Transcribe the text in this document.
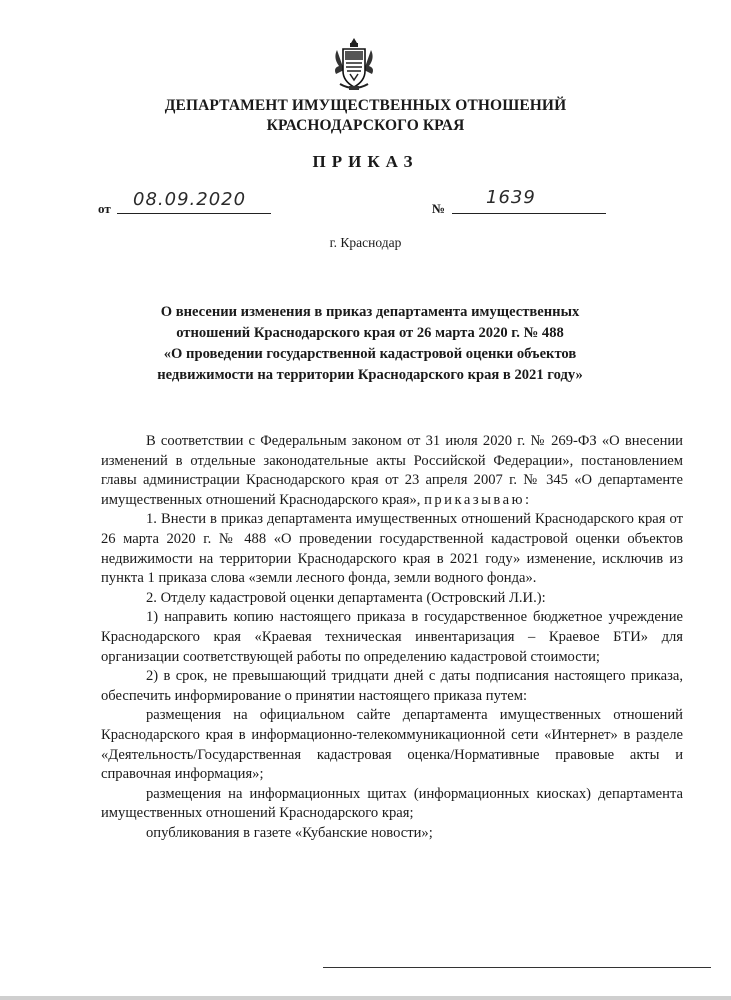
ДЕПАРТАМЕНТ ИМУЩЕСТВЕННЫХ ОТНОШЕНИЙ
КРАСНОДАРСКОГО КРАЯ
ПРИКАЗ
от 08.09.2020	№
1639
г. Краснодар
О внесении изменения в приказ департамента имущественных
отношений Краснодарского края от 26 марта 2020 г. № 488
«О проведении государственной кадастровой оценки объектов
недвижимости на территории Краснодарского края в 2021 году»

В соответствии с Федеральным законом от 31 июля 2020 г. № 269-ФЗ «О внесении изменений в отдельные законодательные акты Российской Федерации», постановлением главы администрации Краснодарского края от 23 апреля 2007 г. № 345 «О департаменте имущественных отношений Краснодарского края», приказываю:

1. Внести в приказ департамента имущественных отношений Краснодарского края от 26 марта 2020 г. № 488 «О проведении государственной кадастровой оценки объектов недвижимости на территории Краснодарского края в 2021 году» изменение, исключив из пункта 1 приказа слова «земли лесного фонда, земли водного фонда».

2. Отделу кадастровой оценки департамента (Островский Л.И.):

1) направить копию настоящего приказа в государственное бюджетное учреждение Краснодарского края «Краевая техническая инвентаризация – Краевое БТИ» для организации соответствующей работы по определению кадастровой стоимости;

2) в срок, не превышающий тридцати дней с даты подписания настоящего приказа, обеспечить информирование о принятии настоящего приказа путем:

размещения на официальном сайте департамента имущественных отношений Краснодарского края в информационно-телекоммуникационной сети «Интернет» в разделе «Деятельность/Государственная кадастровая оценка/Нормативные правовые акты и справочная информация»;

размещения на информационных щитах (информационных киосках) департамента имущественных отношений Краснодарского края;

опубликования в газете «Кубанские новости»;
